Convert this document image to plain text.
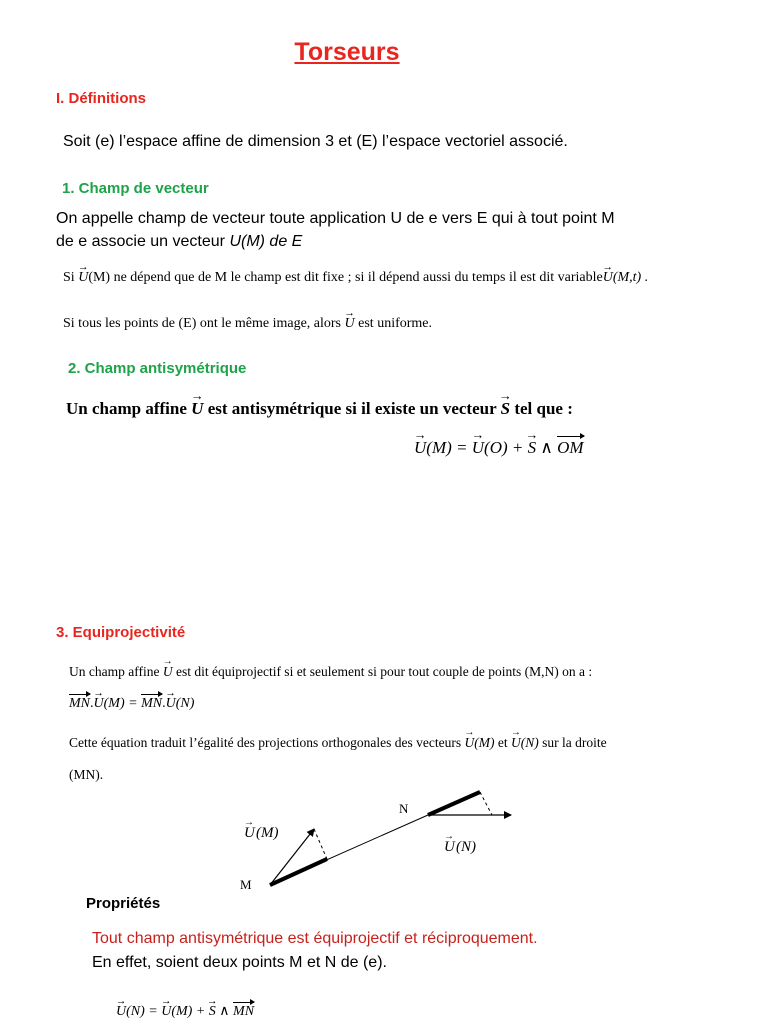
Torseurs
I. Définitions
Soit (e) l’espace affine de dimension 3 et (E) l’espace vectoriel associé.
1. Champ de vecteur
On appelle champ de vecteur toute application U de e vers E qui à tout point M
de e associe un vecteur U(M) de E
Si → U(M) ne dépend que de M le champ est dit fixe ; si il dépend aussi du temps il est dit variable→ U(M,t) .
Si tous les points de (E) ont le même image, alors → U est uniforme.
2. Champ antisymétrique
Un champ affine → U est antisymétrique si il existe un vecteur → S tel que :
→ U(M) = → U(O) + → S ∧ OM
3. Equiprojectivité
Un champ affine → U est dit équiprojectif si et seulement si pour tout couple de points (M,N) on a :
MN.→ U(M) = MN.→ U(N)
Cette équation traduit l’égalité des projections orthogonales des vecteurs → U(M) et → U(N) sur la droite
(MN).
M
N
U
→
(M)
U
→
(N)
Propriétés
Tout champ antisymétrique est équiprojectif et réciproquement.
En effet, soient deux points M et N de (e).
→ U(N) = → U(M) + → S ∧ MN
